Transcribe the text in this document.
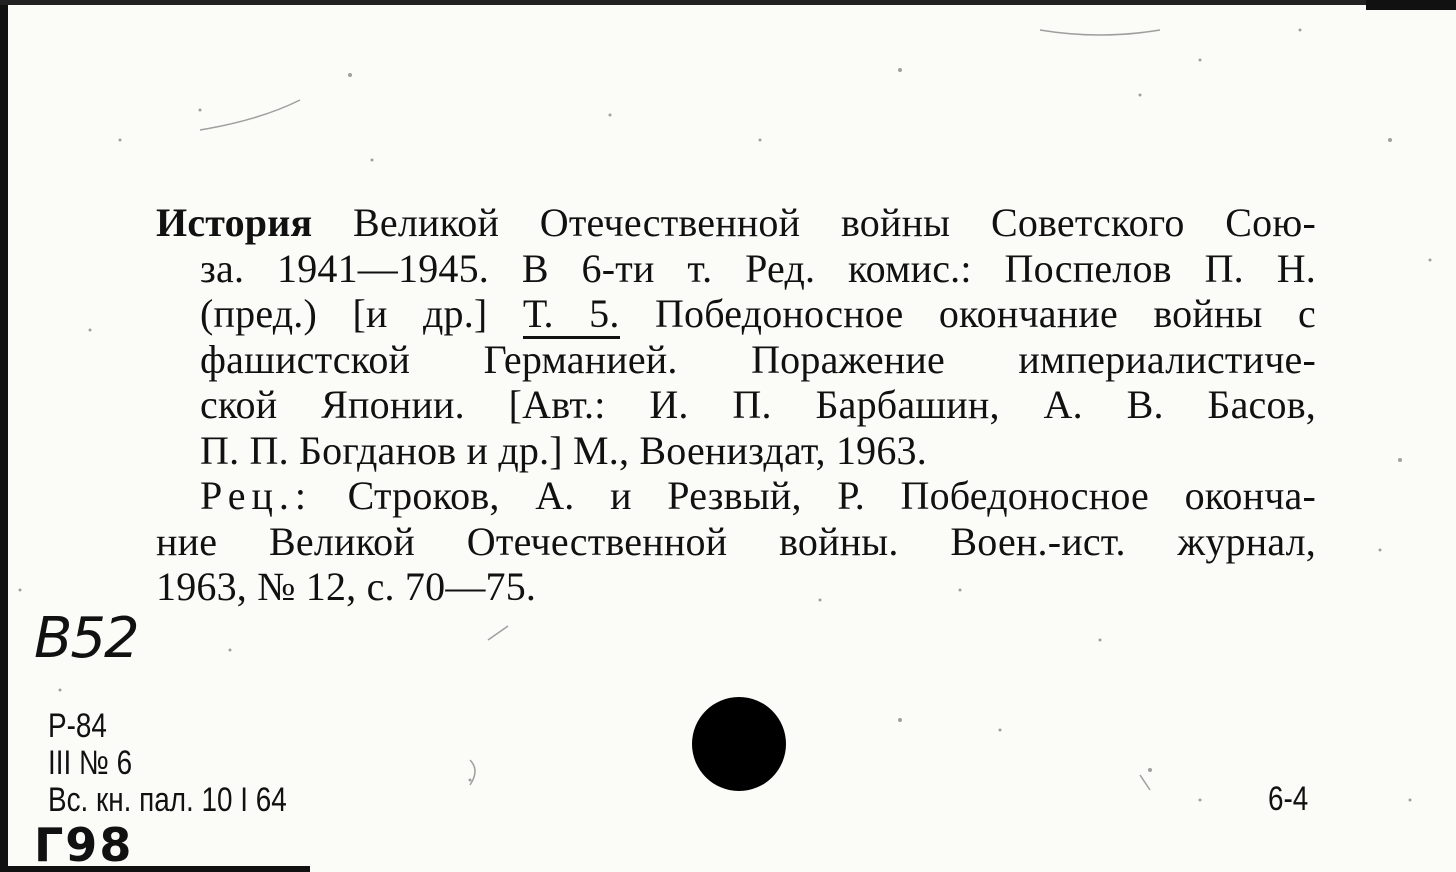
История Великой Отечественной войны Советского Сою-
за. 1941—1945. В 6-ти т. Ред. комис.: Поспелов П. Н.
(пред.) [и др.] Т. 5. Победоносное окончание войны с
фашистской Германией. Поражение империалистиче-
ской Японии. [Авт.: И. П. Барбашин, А. В. Басов,
П. П. Богданов и др.] М., Воениздат, 1963.
Рец.: Строков, А. и Резвый, Р. Победоносное оконча-
ние Великой Отечественной войны. Воен.-ист. журнал,
1963, № 12, с. 70—75.
B52
Р-84
III № 6
Вс. кн. пал. 10 I 64
Г98
6-4
